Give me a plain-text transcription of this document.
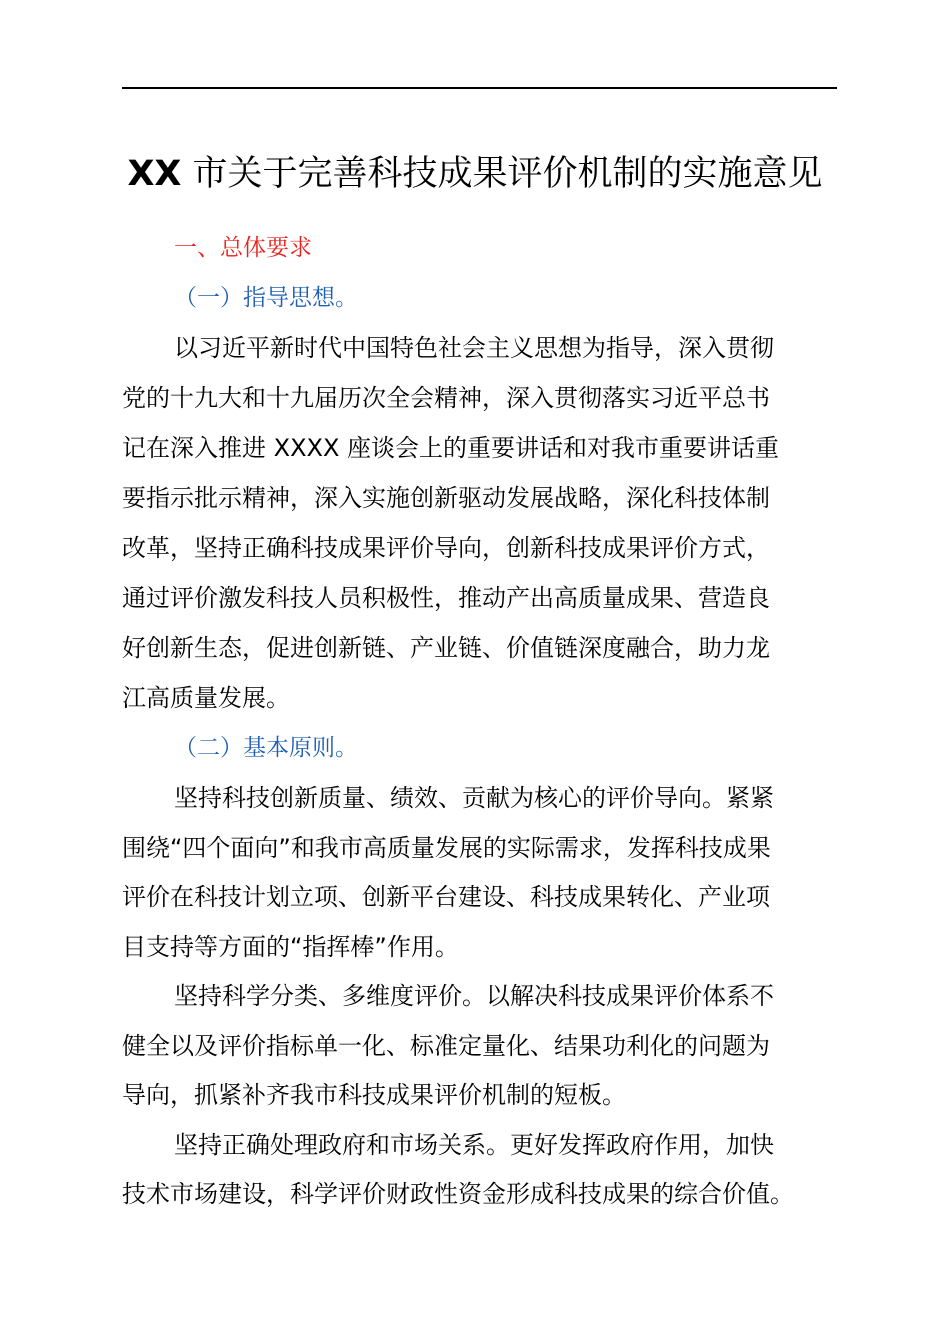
XX 市关于完善科技成果评价机制的实施意见
一、总体要求
（一）指导思想。

以习近平新时代中国特色社会主义思想为指导，深入贯彻

党的十九大和十九届历次全会精神，深入贯彻落实习近平总书

记在深入推进 XXXX 座谈会上的重要讲话和对我市重要讲话重

要指示批示精神，深入实施创新驱动发展战略，深化科技体制

改革，坚持正确科技成果评价导向，创新科技成果评价方式，

通过评价激发科技人员积极性，推动产出高质量成果、营造良

好创新生态，促进创新链、产业链、价值链深度融合，助力龙

江高质量发展。

（二）基本原则。

坚持科技创新质量、绩效、贡献为核心的评价导向。紧紧

围绕“四个面向”和我市高质量发展的实际需求，发挥科技成果

评价在科技计划立项、创新平台建设、科技成果转化、产业项

目支持等方面的“指挥棒”作用。

坚持科学分类、多维度评价。以解决科技成果评价体系不

健全以及评价指标单一化、标准定量化、结果功利化的问题为

导向，抓紧补齐我市科技成果评价机制的短板。

坚持正确处理政府和市场关系。更好发挥政府作用，加快

技术市场建设，科学评价财政性资金形成科技成果的综合价值。
